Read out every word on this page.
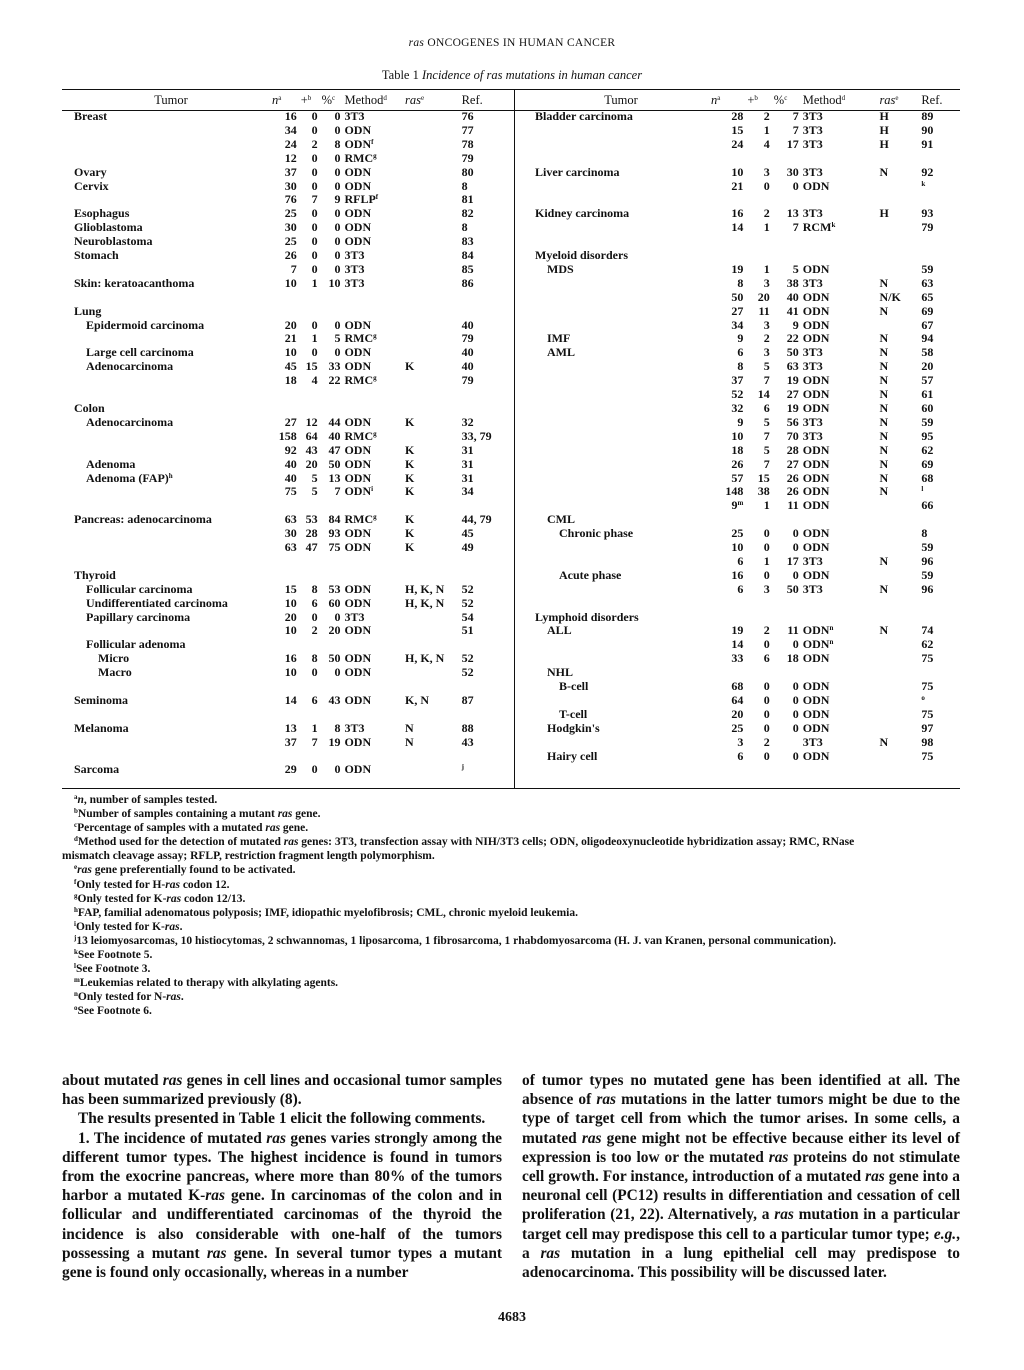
ras ONCOGENES IN HUMAN CANCER
Table 1 Incidence of ras mutations in human cancer
Tumor	$n^a$	+$^b$	%$^c$	Method$^d$	ras$^e$	Ref.
Breast	16	0	0	3T3		76
	34	0	0	ODN		77
	24	2	8	ODN$^f$		78
	12	0	0	RMC$^g$		79
Ovary	37	0	0	ODN		80
Cervix	30	0	0	ODN		8
	76	7	9	RFLP$^f$		81
Esophagus	25	0	0	ODN		82
Glioblastoma	30	0	0	ODN		8
Neuroblastoma	25	0	0	ODN		83
Stomach	26	0	0	3T3		84
	7	0	0	3T3		85
Skin: keratoacanthoma	10	1	10	3T3		86

Lung						
Epidermoid carcinoma	20	0	0	ODN		40
	21	1	5	RMC$^g$		79
Large cell carcinoma	10	0	0	ODN		40
Adenocarcinoma	45	15	33	ODN	K	40
	18	4	22	RMC$^g$		79

Colon						
Adenocarcinoma	27	12	44	ODN	K	32
	158	64	40	RMC$^g$		33, 79
	92	43	47	ODN	K	31
Adenoma	40	20	50	ODN	K	31
Adenoma (FAP)$^h$	40	5	13	ODN	K	31
	75	5	7	ODN$^i$	K	34

Pancreas: adenocarcinoma	63	53	84	RMC$^g$	K	44, 79
	30	28	93	ODN	K	45
	63	47	75	ODN	K	49

Thyroid						
Follicular carcinoma	15	8	53	ODN	H, K, N	52
Undifferentiated carcinoma	10	6	60	ODN	H, K, N	52
Papillary carcinoma	20	0	0	3T3		54
	10	2	20	ODN		51
Follicular adenoma						
Micro	16	8	50	ODN	H, K, N	52
Macro	10	0	0	ODN		52

Seminoma	14	6	43	ODN	K, N	87

Melanoma	13	1	8	3T3	N	88
	37	7	19	ODN	N	43

Sarcoma	29	0	0	ODN		$^j$
Tumor	$n^a$	+$^b$	%$^c$	Method$^d$	ras$^e$	Ref.
Bladder carcinoma	28	2	7	3T3	H	89
	15	1	7	3T3	H	90
	24	4	17	3T3	H	91

Liver carcinoma	10	3	30	3T3	N	92
	21	0	0	ODN		$^k$

Kidney carcinoma	16	2	13	3T3	H	93
	14	1	7	RCM$^k$		79

Myeloid disorders						
MDS	19	1	5	ODN		59
	8	3	38	3T3	N	63
	50	20	40	ODN	N/K	65
	27	11	41	ODN	N	69
	34	3	9	ODN		67
IMF	9	2	22	ODN	N	94
AML	6	3	50	3T3	N	58
	8	5	63	3T3	N	20
	37	7	19	ODN	N	57
	52	14	27	ODN	N	61
	32	6	19	ODN	N	60
	9	5	56	3T3	N	59
	10	7	70	3T3	N	95
	18	5	28	ODN	N	62
	26	7	27	ODN	N	69
	57	15	26	ODN	N	68
	148	38	26	ODN	N	$^l$
	9$^m$	1	11	ODN		66
CML						
Chronic phase	25	0	0	ODN		8
	10	0	0	ODN		59
	6	1	17	3T3	N	96
Acute phase	16	0	0	ODN		59
	6	3	50	3T3	N	96

Lymphoid disorders						
ALL	19	2	11	ODN$^n$	N	74
	14	0	0	ODN$^n$		62
	33	6	18	ODN		75
NHL						
B-cell	68	0	0	ODN		75
	64	0	0	ODN		$^o$
T-cell	20	0	0	ODN		75
Hodgkin's	25	0	0	ODN		97
	3	2		3T3	N	98
Hairy cell	6	0	0	ODN		75
$^a$n, number of samples tested.
$^b$Number of samples containing a mutant ras gene.
$^c$Percentage of samples with a mutated ras gene.
$^d$Method used for the detection of mutated ras genes: 3T3, transfection assay with NIH/3T3 cells; ODN, oligodeoxynucleotide hybridization assay; RMC, RNase
mismatch cleavage assay; RFLP, restriction fragment length polymorphism.
$^e$ras gene preferentially found to be activated.
$^f$Only tested for H-ras codon 12.
$^g$Only tested for K-ras codon 12/13.
$^h$FAP, familial adenomatous polyposis; IMF, idiopathic myelofibrosis; CML, chronic myeloid leukemia.
$^i$Only tested for K-ras.
$^j$13 leiomyosarcomas, 10 histiocytomas, 2 schwannomas, 1 liposarcoma, 1 fibrosarcoma, 1 rhabdomyosarcoma (H. J. van Kranen, personal communication).
$^k$See Footnote 5.
$^l$See Footnote 3.
$^m$Leukemias related to therapy with alkylating agents.
$^n$Only tested for N-ras.
$^o$See Footnote 6.

about mutated ras genes in cell lines and occasional tumor samples has been summarized previously (8).

The results presented in Table 1 elicit the following comments.

1. The incidence of mutated ras genes varies strongly among the different tumor types. The highest incidence is found in tumors from the exocrine pancreas, where more than 80% of the tumors harbor a mutated K-ras gene. In carcinomas of the colon and in follicular and undifferentiated carcinomas of the thyroid the incidence is also considerable with one-half of the tumors possessing a mutant ras gene. In several tumor types a mutant gene is found only occasionally, whereas in a number

of tumor types no mutated gene has been identified at all. The absence of ras mutations in the latter tumors might be due to the type of target cell from which the tumor arises. In some cells, a mutated ras gene might not be effective because either its level of expression is too low or the mutated ras proteins do not stimulate cell growth. For instance, introduction of a mutated ras gene into a neuronal cell (PC12) results in differentiation and cessation of cell proliferation (21, 22). Alternatively, a ras mutation in a particular target cell may predispose this cell to a particular tumor type; e.g., a ras mutation in a lung epithelial cell may predispose to adenocarcinoma. This possibility will be discussed later.

4683
